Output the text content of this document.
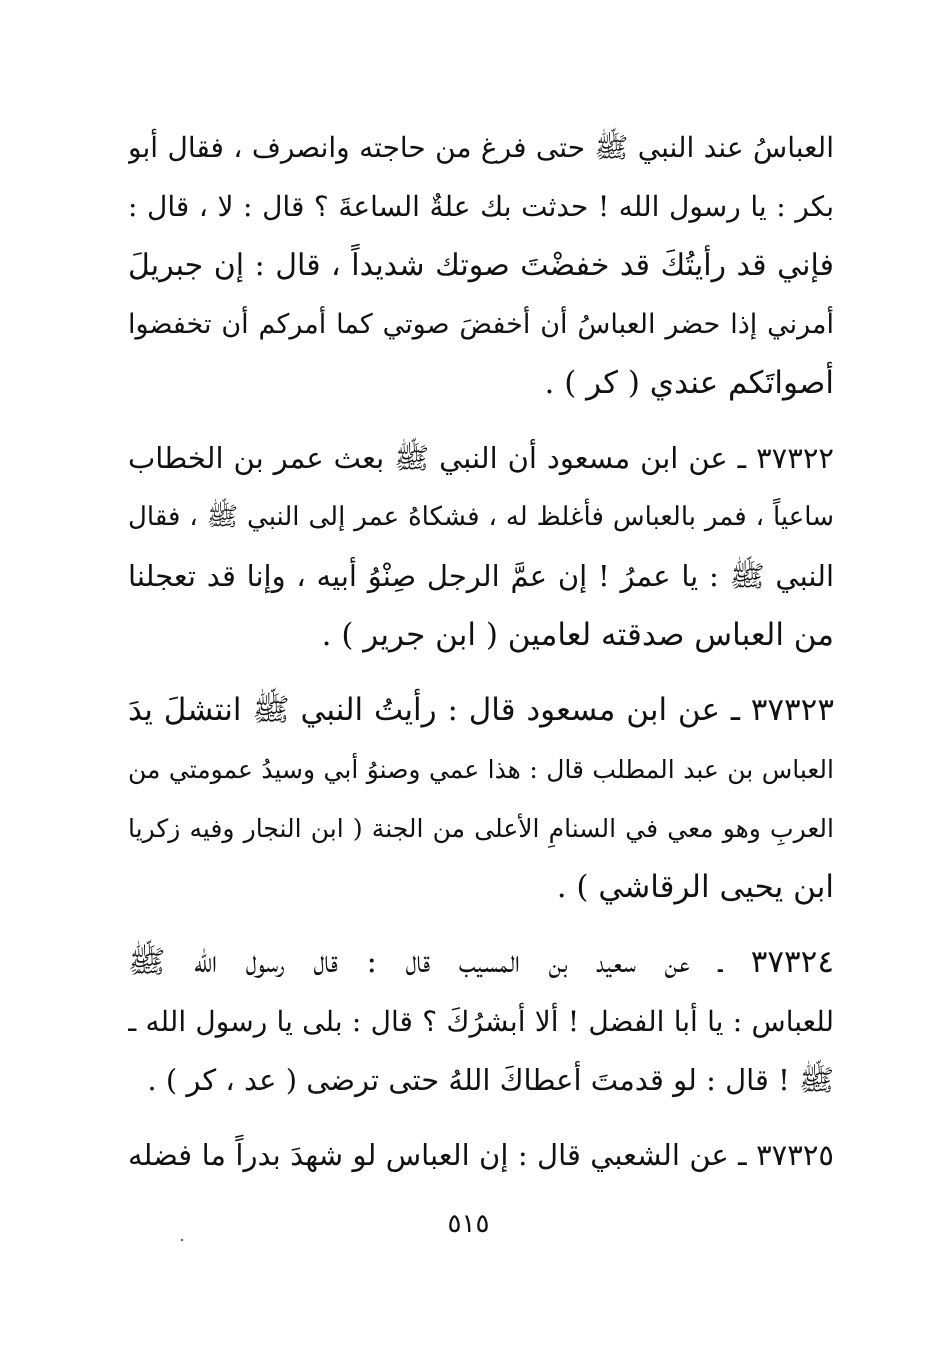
العباسُ عند النبي ﷺ حتى فرغ من حاجته وانصرف ، فقال أبو
بكر : يا رسول الله ! حدثت بك علةٌ الساعةَ ؟ قال : لا ، قال :
فإني قد رأيتُكَ قد خفضْتَ صوتك شديداً ، قال : إن جبريلَ
أمرني إذا حضر العباسُ أن أخفضَ صوتي كما أمركم أن تخفضوا
أصواتَكم عندي ( كر ) .
٣٧٣٢٢ ـ عن ابن مسعود أن النبي ﷺ بعث عمر بن الخطاب
ساعياً ، فمر بالعباس فأغلظ له ، فشكاهُ عمر إلى النبي ﷺ ، فقال
النبي ﷺ : يا عمرُ ! إن عمَّ الرجل صِنْوُ أبيه ، وإنا قد تعجلنا
من العباس صدقته لعامين ( ابن جرير ) .
٣٧٣٢٣ ـ عن ابن مسعود قال : رأيتُ النبي ﷺ انتشلَ يدَ
العباس بن عبد المطلب قال : هذا عمي وصنوُ أبي وسيدُ عمومتي من
العربِ وهو معي في السنامِ الأعلى من الجنة ( ابن النجار وفيه زكريا
ابن يحيى الرقاشي ) .
٣٧٣٢٤ ـ عن سعيد بن المسيب قال : قال رسول الله ﷺ
للعباس : يا أبا الفضل ! ألا أبشرُكَ ؟ قال : بلى يا رسول الله ـ
ﷺ ! قال : لو قدمتَ أعطاكَ اللهُ حتى ترضى ( عد ، كر ) .
٣٧٣٢٥ ـ عن الشعبي قال : إن العباس لو شهدَ بدراً ما فضله
٥١٥
